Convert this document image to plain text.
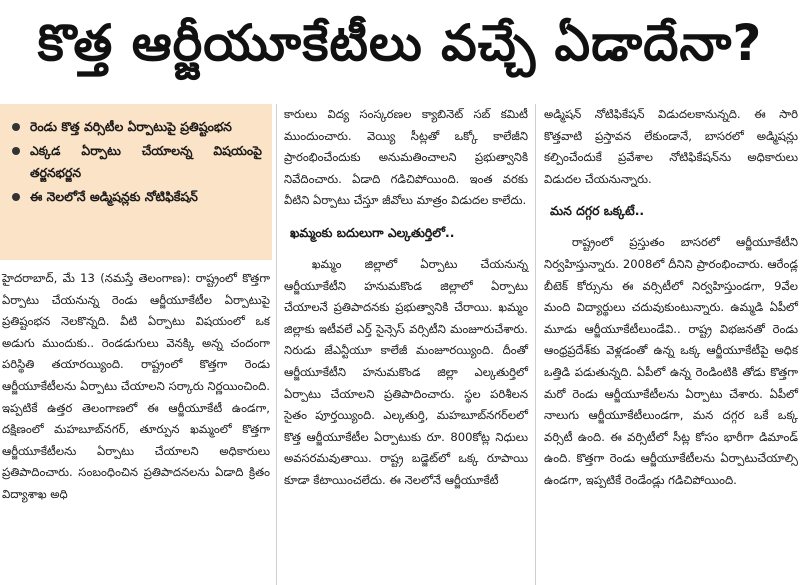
కొత్త ఆర్జీయూకేటీలు వచ్చే ఏడాదేనా?
రెండు కొత్త వర్సిటీల ఏర్పాటుపై ప్రతిష్టంభన
ఎక్కడ ఏర్పాటు చేయాలన్న విషయంపై తర్జనభర్జన
ఈ నెలలోనే అడ్మిషన్లకు నోటిఫికేషన్

హైదరాబాద్, మే 13 (నమస్తే తెలంగాణ): రాష్ట్రంలో కొత్తగా ఏర్పాటు చేయనున్న రెండు ఆర్జీయూకేటీల ఏర్పాటుపై ప్రతిష్టంభన నెలకొన్నది. వీటి ఏర్పాటు విషయంలో ఒక అడుగు ముందుకు.. రెండడుగులు వెనక్కి అన్న చందంగా పరిస్థితి తయారయ్యింది. రాష్ట్రంలో కొత్తగా రెండు ఆర్జీయూకేటీలను ఏర్పాటు చేయాలని సర్కారు నిర్ణయించింది. ఇప్పటికే ఉత్తర తెలంగాణలో ఈ ఆర్జీయూకేటీ ఉండగా, దక్షిణంలో మహబూబ్‌నగర్, తూర్పున ఖమ్మంలో కొత్తగా ఆర్జీయూకేటీలను ఏర్పాటు చేయాలని అధికారులు ప్రతిపాదించారు. సంబంధించిన ప్రతిపాదనలను ఏడాది క్రితం విద్యాశాఖ అధి

కారులు విద్య సంస్కరణల క్యాబినెట్ సబ్ కమిటీ ముందుంచారు. వెయ్యి సీట్లతో ఒక్కో కాలేజీని ప్రారంభించేందుకు అనుమతించాలని ప్రభుత్వానికి నివేదించారు. ఏడాది గడిచిపోయింది. ఇంత వరకు వీటిని ఏర్పాటు చేస్తూ జీవోలు మాత్రం విడుదల కాలేదు.

ఖమ్మంకు బదులుగా ఎల్కతుర్తిలో..

ఖమ్మం జిల్లాలో ఏర్పాటు చేయనున్న ఆర్జీయూకేటీని హనుమకొండ జిల్లాలో ఏర్పాటు చేయాలనే ప్రతిపాదనకు ప్రభుత్వానికి చేరాయి. ఖమ్మం జిల్లాకు ఇటీవలే ఎర్త్ సైన్సెస్ వర్సిటీని మంజూరుచేశారు. నిరుడు జేఎన్టీయూ కాలేజీ మంజూరయ్యింది. దీంతో ఆర్జీయూకేటీని హనుమకొండ జిల్లా ఎల్కతుర్తిలో ఏర్పాటు చేయాలని ప్రతిపాదించారు. స్థల పరిశీలన సైతం పూర్తయ్యింది. ఎల్కతుర్తి, మహబూబ్‌నగర్‌లలో కొత్త ఆర్జీయూకేటీల ఏర్పాటుకు రూ. 800కోట్ల నిధులు అవసరమవుతాయి. రాష్ట్ర బడ్జెట్‌లో ఒక్క రూపాయి కూడా కేటాయించలేదు. ఈ నెలలోనే ఆర్జీయూకేటీ

అడ్మిషన్ నోటిఫికేషన్ విడుదలకానున్నది. ఈ సారి కొత్తవాటి ప్రస్తావన లేకుండానే, బాసరలో అడ్మిషన్లు కల్పించేందుకే ప్రవేశాల నోటిఫికేషన్‌ను అధికారులు విడుదల చేయనున్నారు.

మన దగ్గర ఒక్కటే..

రాష్ట్రంలో ప్రస్తుతం బాసరలో ఆర్జీయూకేటీని నిర్వహిస్తున్నారు. 2008లో దీనిని ప్రారంభించారు. ఆరేండ్ల బీటెక్ కోర్సును ఈ వర్సిటీలో నిర్వహిస్తుండగా, 9వేల మంది విద్యార్థులు చదువుకుంటున్నారు. ఉమ్మడి ఏపీలో మూడు ఆర్జీయూకేటీలుండేవి.. రాష్ట్ర విభజనతో రెండు ఆంధ్రప్రదేశ్‌కు వెళ్లడంతో ఉన్న ఒక్క ఆర్జీయూకేటీపై అధిక ఒత్తిడి పడుతున్నది. ఏపీలో ఉన్న రెండింటికి తోడు కొత్తగా మరో రెండు ఆర్జీయూకేటీలను ఏర్పాటు చేశారు. ఏపీలో నాలుగు ఆర్జీయూకేటీలుండగా, మన దగ్గర ఒకే ఒక్క వర్సిటీ ఉంది. ఈ వర్సిటీలో సీట్ల కోసం భారీగా డిమాండ్ ఉంది. కొత్తగా రెండు ఆర్జీయూకేటీలను ఏర్పాటుచేయాల్సి ఉండగా, ఇప్పటికే రెండేండ్లు గడిచిపోయింది.
